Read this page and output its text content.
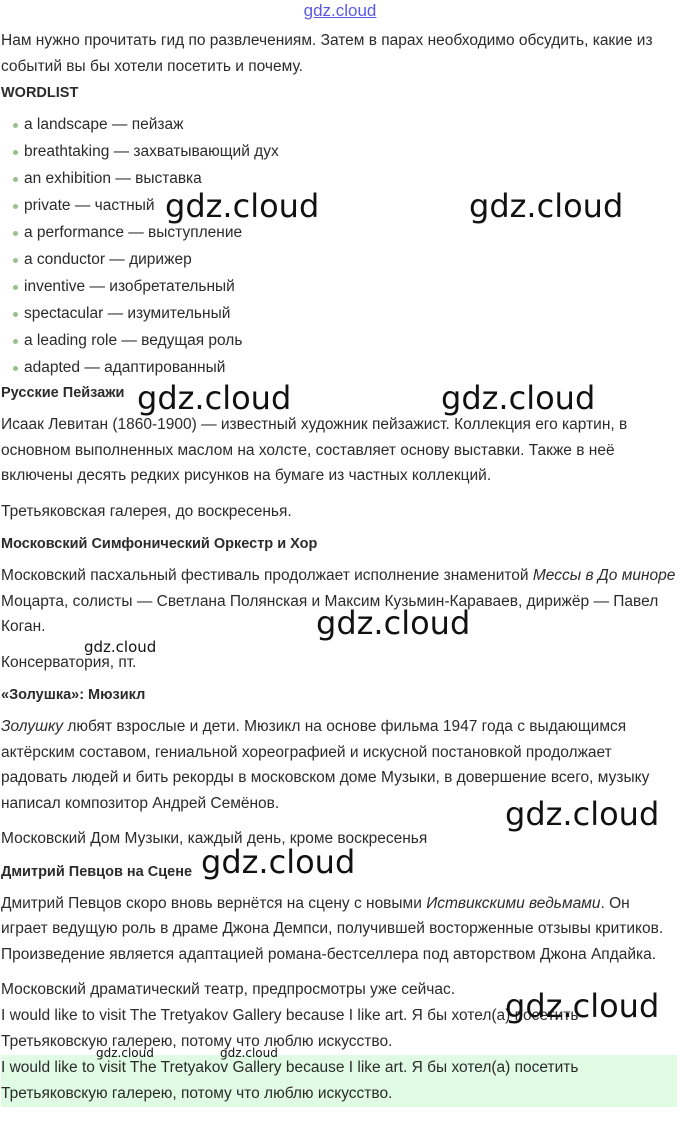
gdz.cloud

Нам нужно прочитать гид по развлечениям. Затем в парах необходимо обсудить, какие из событий вы бы хотели посетить и почему.

WORDLIST
a landscape — пейзаж
breathtaking — захватывающий дух
an exhibition — выставка
private — частный
a performance — выступление
a conductor — дирижер
inventive — изобретательный
spectacular — изумительный
a leading role — ведущая роль
adapted — адаптированный
Русские Пейзажи

Исаак Левитан (1860-1900) — известный художник пейзажист. Коллекция его картин, в основном выполненных маслом на холсте, составляет основу выставки. Также в неё включены десять редких рисунков на бумаге из частных коллекций.

Третьяковская галерея, до воскресенья.

Московский Симфонический Оркестр и Хор

Московский пасхальный фестиваль продолжает исполнение знаменитой Мессы в До миноре Моцарта, солисты — Светлана Полянская и Максим Кузьмин-Караваев, дирижёр — Павел Коган.

Консерватория, пт.

«Золушка»: Мюзикл

Золушку любят взрослые и дети. Мюзикл на основе фильма 1947 года с выдающимся актёрским составом, гениальной хореографией и искусной постановкой продолжает радовать людей и бить рекорды в московском доме Музыки, в довершение всего, музыку написал композитор Андрей Семёнов.

Московский Дом Музыки, каждый день, кроме воскресенья

Дмитрий Певцов на Сцене

Дмитрий Певцов скоро вновь вернётся на сцену с новыми Иствикскими ведьмами. Он играет ведущую роль в драме Джона Демпси, получившей восторженные отзывы критиков. Произведение является адаптацией романа-бестселлера под авторством Джона Апдайка.

Московский драматический театр, предпросмотры уже сейчас.

I would like to visit The Tretyakov Gallery because I like art. Я бы хотел(а) посетить Третьяковскую галерею, потому что люблю искусство.

I would like to visit The Tretyakov Gallery because I like art. Я бы хотел(а) посетить Третьяковскую галерею, потому что люблю искусство.

gdz.cloud	gdz.cloud
gdz.cloud	gdz.cloud
gdz.cloud
gdz.cloud
gdz.cloud
gdz.cloud
gdz.cloud
gdz.cloud	gdz.cloud
